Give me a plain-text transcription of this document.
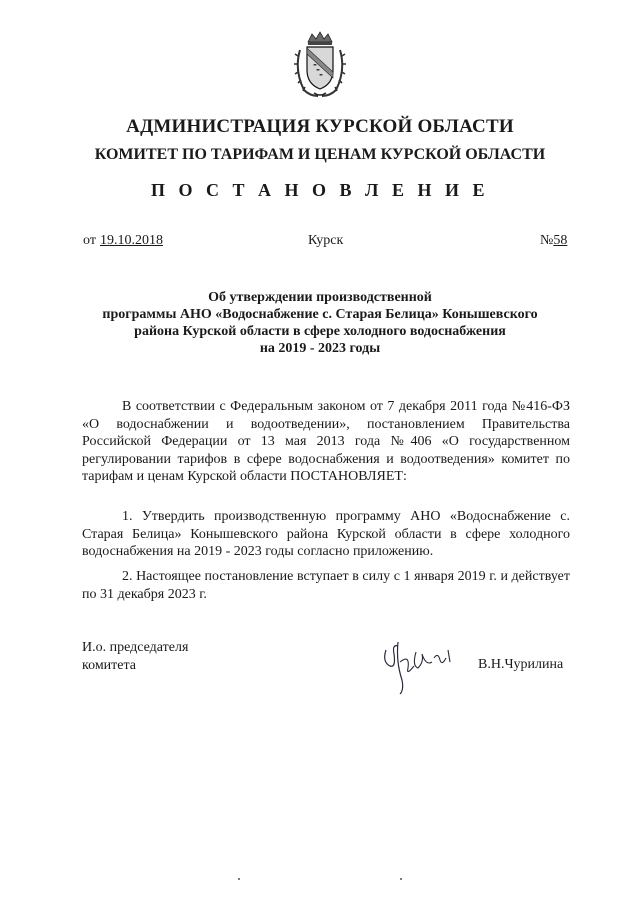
АДМИНИСТРАЦИЯ КУРСКОЙ ОБЛАСТИ
КОМИТЕТ ПО ТАРИФАМ И ЦЕНАМ КУРСКОЙ ОБЛАСТИ
П О С Т А Н О В Л Е Н И Е
от 19.10.2018	Курск	№58
Об утверждении производственной
программы АНО «Водоснабжение с. Старая Белица» Конышевского
района Курской области в сфере холодного водоснабжения
на 2019 - 2023 годы

В соответствии с Федеральным законом от 7 декабря 2011 года №416-ФЗ «О водоснабжении и водоотведении», постановлением Правительства Российской Федерации от 13 мая 2013 года №406 «О государственном регулировании тарифов в сфере водоснабжения и водоотведения» комитет по тарифам и ценам Курской области ПОСТАНОВЛЯЕТ:

1. Утвердить производственную программу АНО «Водоснабжение с. Старая Белица» Конышевского района Курской области в сфере холодного водоснабжения на 2019 - 2023 годы согласно приложению.

2. Настоящее постановление вступает в силу с 1 января 2019 г. и действует по 31 декабря 2023 г.

И.о. председателя
комитета	В.Н.Чурилина
